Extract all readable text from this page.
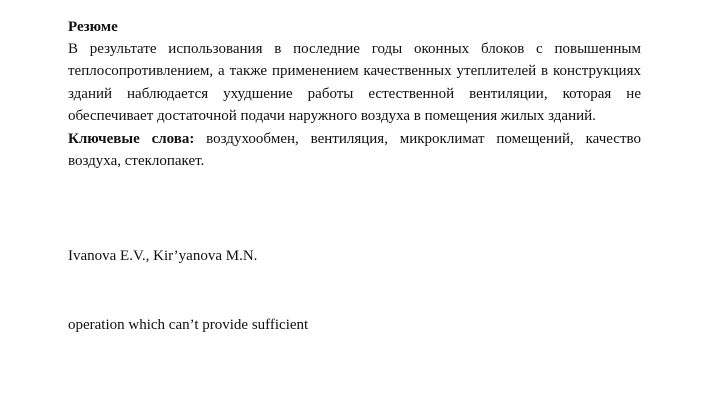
Резюме
В результате использования в последние годы оконных блоков с повышенным теплосопротивлением, а также применением качественных утеплителей в конструкциях зданий наблюдается ухудшение работы естественной вентиляции, которая не обеспечивает достаточной подачи наружного воздуха в помещения жилых зданий.
Ключевые слова: воздухообмен, вентиляция, микроклимат помещений, качество воздуха, стеклопакет.
Ivanova E.V., Kir’yanova M.N.
operation which can’t provide sufficient
